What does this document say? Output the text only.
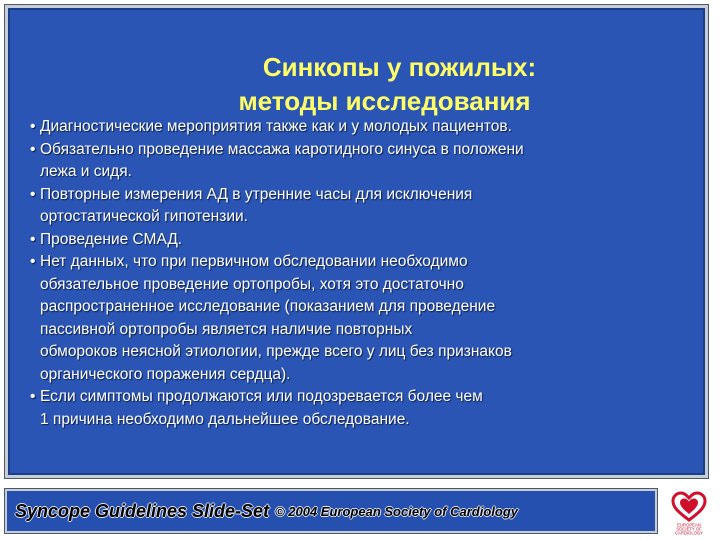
Синкопы у пожилых:
методы исследования
• Диагностические мероприятия также как и у молодых пациентов.
• Обязательно проведение массажа каротидного синуса в положени
лежа и сидя.
• Повторные измерения АД в утренние часы для исключения
ортостатической гипотензии.
• Проведение СМАД.
• Нет данных, что при первичном обследовании необходимо
обязательное проведение ортопробы, хотя это достаточно
распространенное исследование (показанием для проведение
пассивной ортопробы является наличие повторных
обмороков неясной этиологии, прежде всего у лиц без признаков
органического поражения сердца).
• Если симптомы продолжаются или подозревается более чем
1 причина необходимо дальнейшее обследование.
Syncope Guidelines Slide-Set © 2004 European Society of Cardiology
EUROPEAN
SOCIETY OF
CARDIOLOGY
